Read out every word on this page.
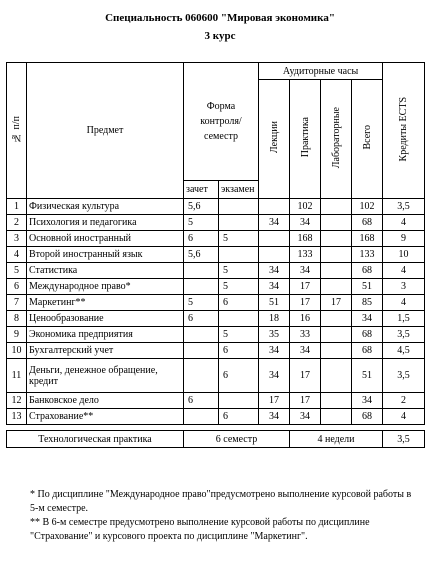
Специальность 060600 "Мировая экономика"
3 курс
№ п/п	Предмет	Форма контроля/ семестр		Аудиторные часы				Кредиты ECTS
				Лекции	Практика	Лабораторные	Всего	
		зачет	экзамен					
1	Физическая культура	5,6			102		102	3,5
2	Психология и педагогика	5		34	34		68	4
3	Основной иностранный	6	5		168		168	9
4	Второй иностранный язык	5,6			133		133	10
5	Статистика		5	34	34		68	4
6	Международное право*		5	34	17		51	3
7	Маркетинг**	5	6	51	17	17	85	4
8	Ценообразование	6		18	16		34	1,5
9	Экономика предприятия		5	35	33		68	3,5
10	Бухгалтерский учет		6	34	34		68	4,5
11	Деньги, денежное обращение, кредит		6	34	17		51	3,5
12	Банковское дело	6		17	17		34	2
13	Страхование**		6	34	34		68	4
Технологическая практика	6 семестр	4 недели	3,5
* По дисциплине "Международное право"предусмотрено выполнение курсовой работы в 5-м семестре.
** В 6-м семестре предусмотрено выполнение курсовой работы по дисциплине "Страхование" и курсового проекта по дисциплине "Маркетинг".
